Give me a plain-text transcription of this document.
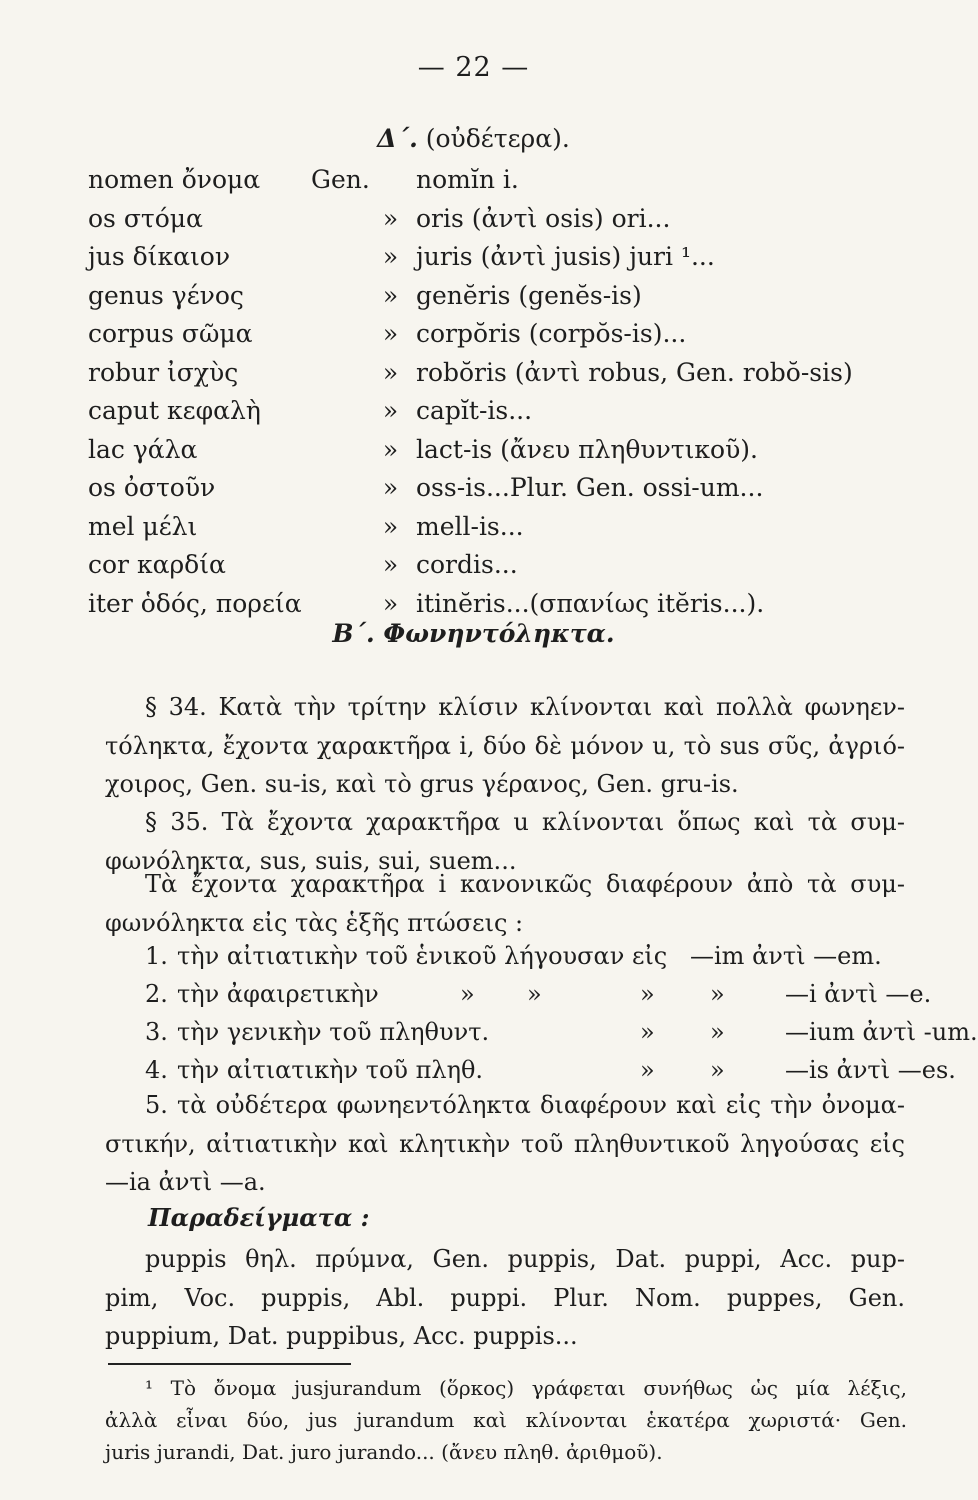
— 22 —
Δ΄. (οὐδέτερα).
nomen ὄνομα Gen.	nomĭn i.
os στόμα	» oris (ἀντὶ osis) ori...
jus δίκαιον	» juris (ἀντὶ jusis) juri ¹...
genus γένος	» genĕris (genĕs-is)
corpus σῶμα	» corpŏris (corpŏs-is)...
robur ἰσχὺς	» robŏris (ἀντὶ robus, Gen. robŏ-sis)
caput κεφαλὴ	» capĭt-is...
lac γάλα	» lact-is (ἄνευ πληθυντικοῦ).
os ὀστοῦν	» oss-is...Plur. Gen. ossi-um...
mel μέλι	» mell-is...
cor καρδία	» cordis...
iter ὁδός, πορεία	» itinĕris...(σπανίως itĕris...).
Β΄. Φωνηντόληκτα.
§ 34. Κατὰ τὴν τρίτην κλίσιν κλίνονται καὶ πολλὰ φωνηεν-
τόληκτα, ἔχοντα χαρακτῆρα i, δύο δὲ μόνον u, τὸ sus σῦς, ἀγριό-
χοιρος, Gen. su-is, καὶ τὸ grus γέρανος, Gen. gru-is.
§ 35. Τὰ ἔχοντα χαρακτῆρα u κλίνονται ὅπως καὶ τὰ συμ-
φωνόληκτα, sus, suis, sui, suem...
Τὰ ἔχοντα χαρακτῆρα i κανονικῶς διαφέρουν ἀπὸ τὰ συμ-
φωνόληκτα εἰς τὰς ἑξῆς πτώσεις :
1. τὴν αἰτιατικὴν τοῦ ἑνικοῦ λήγουσαν εἰς —im ἀντὶ —em.
2. τὴν ἀφαιρετικὴν	» »	» »	—i ἀντὶ —e.
3. τὴν γενικὴν τοῦ πληθυντ.	» »	—ium ἀντὶ -um.
4. τὴν αἰτιατικὴν τοῦ πληθ.	» »	—is ἀντὶ —es.
5. τὰ οὐδέτερα φωνηεντόληκτα διαφέρουν καὶ εἰς τὴν ὀνομα-
στικήν, αἰτιατικὴν καὶ κλητικὴν τοῦ πληθυντικοῦ ληγούσας εἰς
—ia ἀντὶ —a.
Παραδείγματα :
puppis θηλ. πρύμνα, Gen. puppis, Dat. puppi, Acc. pup-
pim, Voc. puppis, Abl. puppi. Plur. Nom. puppes, Gen.
puppium, Dat. puppibus, Acc. puppis...
¹ Τὸ ὄνομα jusjurandum (ὅρκος) γράφεται συνήθως ὡς μία λέξις,
ἀλλὰ εἶναι δύο, jus jurandum καὶ κλίνονται ἑκατέρα χωριστά· Gen.
juris jurandi, Dat. juro jurando... (ἄνευ πληθ. ἀριθμοῦ).
